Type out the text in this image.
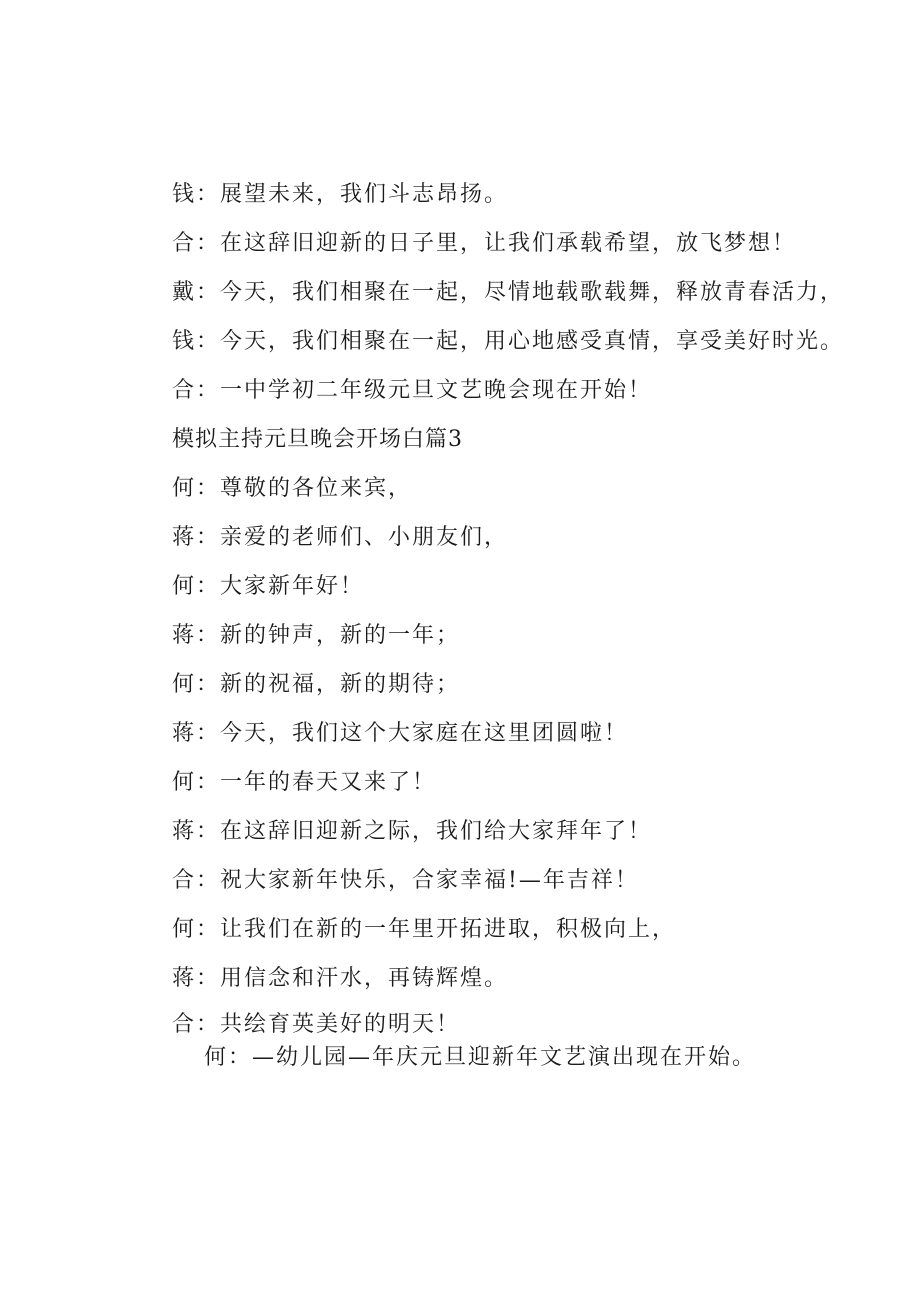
钱：展望未来，我们斗志昂扬。
合：在这辞旧迎新的日子里，让我们承载希望，放飞梦想！
戴：今天，我们相聚在一起，尽情地载歌载舞，释放青春活力，
钱：今天，我们相聚在一起，用心地感受真情，享受美好时光。
合：一中学初二年级元旦文艺晚会现在开始！
模拟主持元旦晚会开场白篇3
何：尊敬的各位来宾，
蒋：亲爱的老师们、小朋友们，
何：大家新年好！
蒋：新的钟声，新的一年；
何：新的祝福，新的期待；
蒋：今天，我们这个大家庭在这里团圆啦！
何：一年的春天又来了！
蒋：在这辞旧迎新之际，我们给大家拜年了！
合：祝大家新年快乐，合家幸福!—年吉祥！
何：让我们在新的一年里开拓进取，积极向上，
蒋：用信念和汗水，再铸辉煌。
合：共绘育英美好的明天！
何：—幼儿园—年庆元旦迎新年文艺演出现在开始。
